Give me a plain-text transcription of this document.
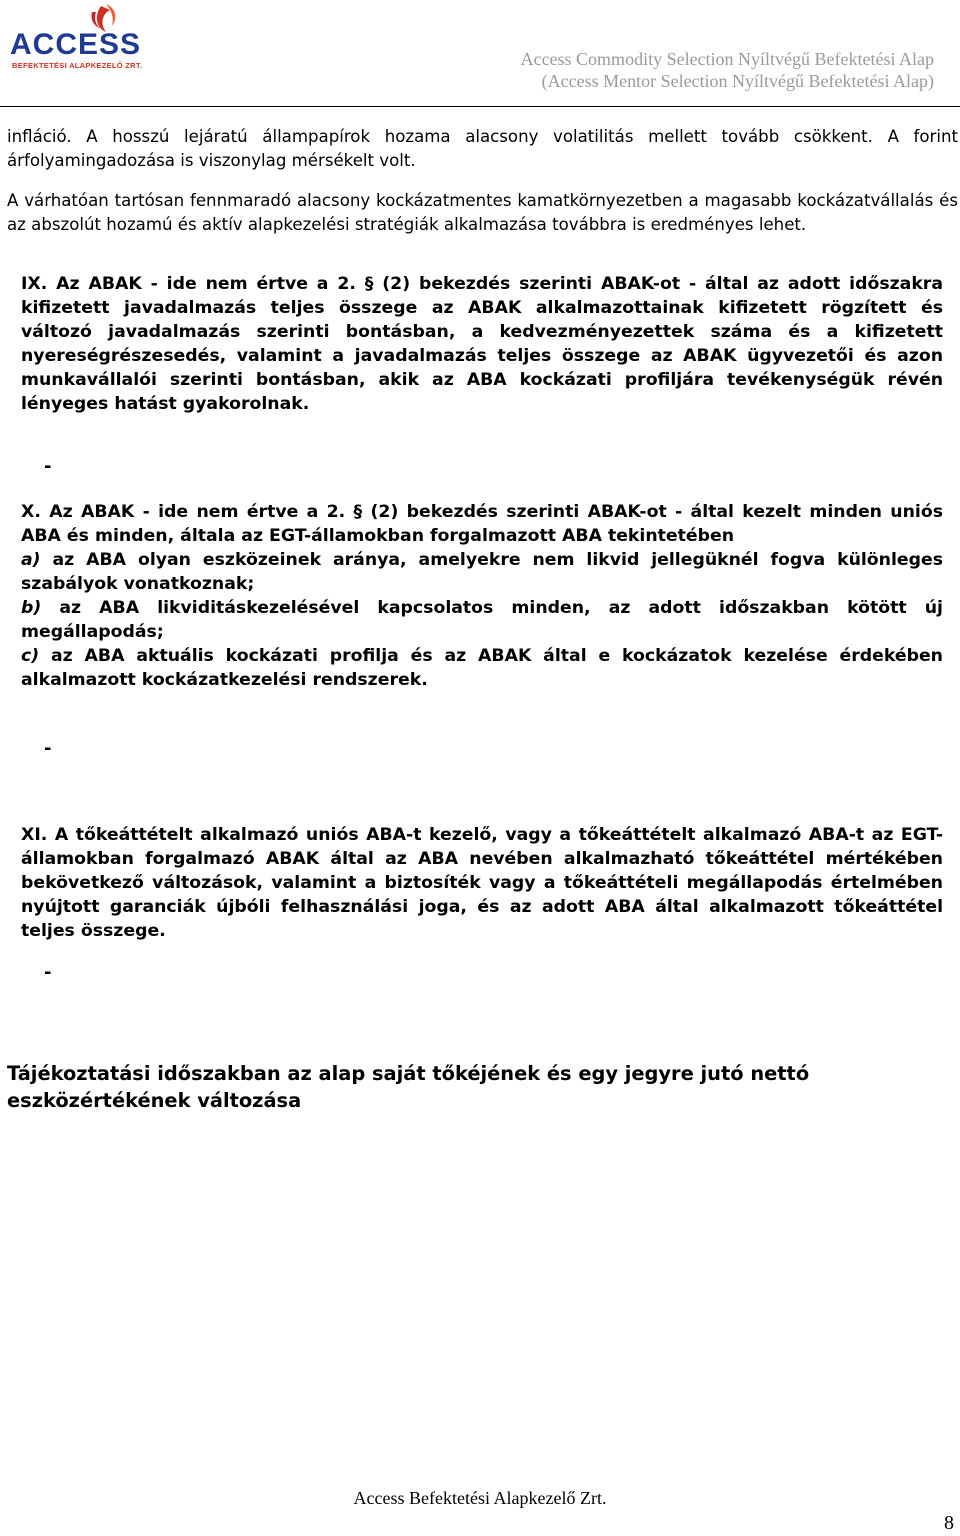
ACCESS
BEFEKTETÉSI ALAPKEZELŐ ZRT.	Access Commodity Selection Nyíltvégű Befektetési Alap
(Access Mentor Selection Nyíltvégű Befektetési Alap)

infláció. A hosszú lejáratú állampapírok hozama alacsony volatilitás mellett tovább csökkent. A forint árfolyamingadozása is viszonylag mérsékelt volt.

A várhatóan tartósan fennmaradó alacsony kockázatmentes kamatkörnyezetben a magasabb kockázatvállalás és az abszolút hozamú és aktív alapkezelési stratégiák alkalmazása továbbra is eredményes lehet.

IX. Az ABAK - ide nem értve a 2. § (2) bekezdés szerinti ABAK-ot - által az adott időszakra kifizetett javadalmazás teljes összege az ABAK alkalmazottainak kifizetett rögzített és változó javadalmazás szerinti bontásban, a kedvezményezettek száma és a kifizetett nyereségrészesedés, valamint a javadalmazás teljes összege az ABAK ügyvezetői és azon munkavállalói szerinti bontásban, akik az ABA kockázati profiljára tevékenységük révén lényeges hatást gyakorolnak.

-
X. Az ABAK - ide nem értve a 2. § (2) bekezdés szerinti ABAK-ot - által kezelt minden uniós ABA és minden, általa az EGT-államokban forgalmazott ABA tekintetében
a) az ABA olyan eszközeinek aránya, amelyekre nem likvid jellegüknél fogva különleges szabályok vonatkoznak;
b) az ABA likviditáskezelésével kapcsolatos minden, az adott időszakban kötött új megállapodás;
c) az ABA aktuális kockázati profilja és az ABAK által e kockázatok kezelése érdekében alkalmazott kockázatkezelési rendszerek.
-

XI. A tőkeáttételt alkalmazó uniós ABA-t kezelő, vagy a tőkeáttételt alkalmazó ABA-t az EGT-államokban forgalmazó ABAK által az ABA nevében alkalmazható tőkeáttétel mértékében bekövetkező változások, valamint a biztosíték vagy a tőkeáttételi megállapodás értelmében nyújtott garanciák újbóli felhasználási joga, és az adott ABA által alkalmazott tőkeáttétel teljes összege.

-

Tájékoztatási időszakban az alap saját tőkéjének és egy jegyre jutó nettó eszközértékének változása

Access Befektetési Alapkezelő Zrt.
8
